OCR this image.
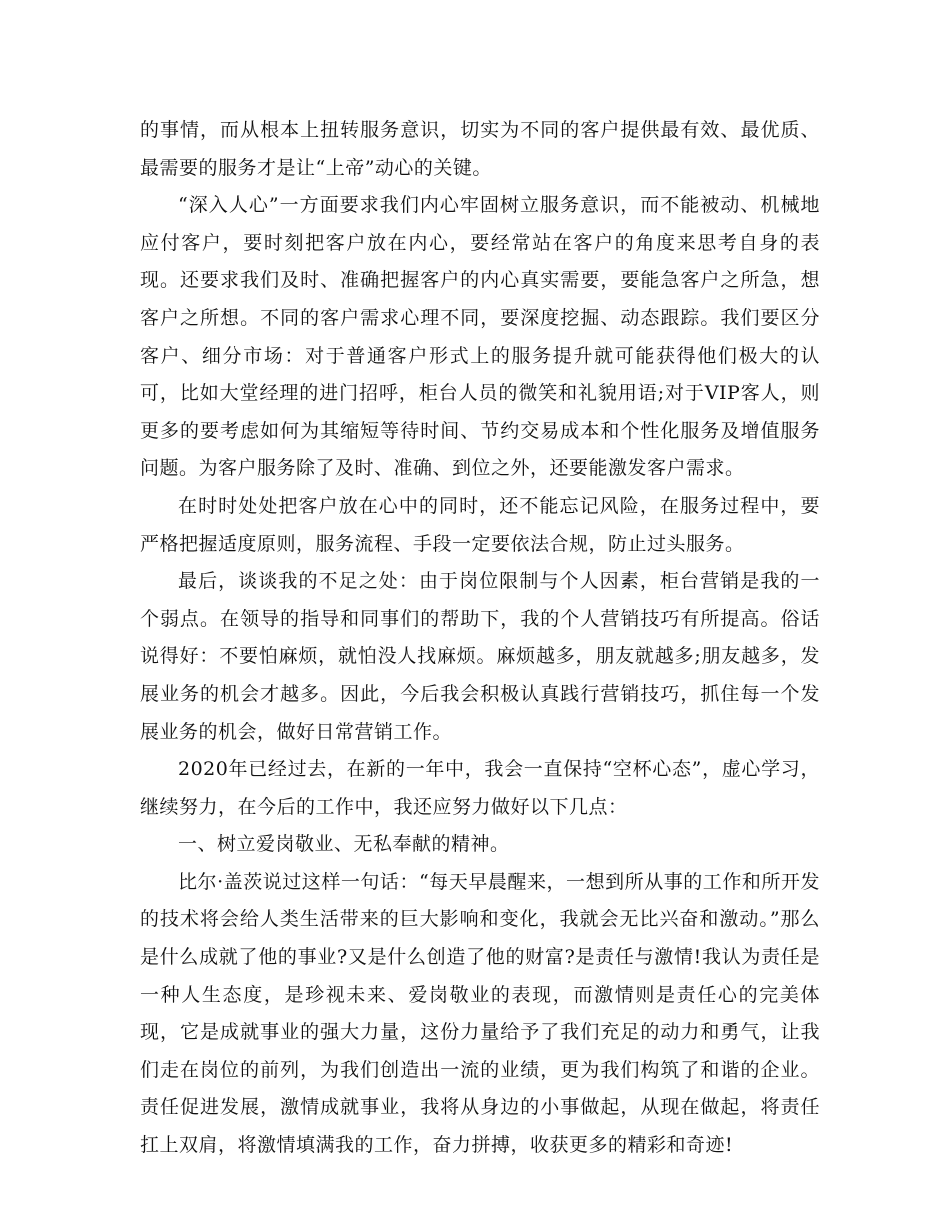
的事情，而从根本上扭转服务意识，切实为不同的客户提供最有效、最优质、最需要的服务才是让“上帝”动心的关键。

“深入人心”一方面要求我们内心牢固树立服务意识，而不能被动、机械地应付客户，要时刻把客户放在内心，要经常站在客户的角度来思考自身的表现。还要求我们及时、准确把握客户的内心真实需要，要能急客户之所急，想客户之所想。不同的客户需求心理不同，要深度挖掘、动态跟踪。我们要区分客户、细分市场：对于普通客户形式上的服务提升就可能获得他们极大的认可，比如大堂经理的进门招呼，柜台人员的微笑和礼貌用语;对于VIP客人，则更多的要考虑如何为其缩短等待时间、节约交易成本和个性化服务及增值服务问题。为客户服务除了及时、准确、到位之外，还要能激发客户需求。

在时时处处把客户放在心中的同时，还不能忘记风险，在服务过程中，要严格把握适度原则，服务流程、手段一定要依法合规，防止过头服务。

最后，谈谈我的不足之处：由于岗位限制与个人因素，柜台营销是我的一个弱点。在领导的指导和同事们的帮助下，我的个人营销技巧有所提高。俗话说得好：不要怕麻烦，就怕没人找麻烦。麻烦越多，朋友就越多;朋友越多，发展业务的机会才越多。因此，今后我会积极认真践行营销技巧，抓住每一个发展业务的机会，做好日常营销工作。

2020年已经过去，在新的一年中，我会一直保持“空杯心态”，虚心学习，继续努力，在今后的工作中，我还应努力做好以下几点：

一、树立爱岗敬业、无私奉献的精神。

比尔·盖茨说过这样一句话：“每天早晨醒来，一想到所从事的工作和所开发的技术将会给人类生活带来的巨大影响和变化，我就会无比兴奋和激动。”那么是什么成就了他的事业?又是什么创造了他的财富?是责任与激情!我认为责任是一种人生态度，是珍视未来、爱岗敬业的表现，而激情则是责任心的完美体现，它是成就事业的强大力量，这份力量给予了我们充足的动力和勇气，让我们走在岗位的前列，为我们创造出一流的业绩，更为我们构筑了和谐的企业。责任促进发展，激情成就事业，我将从身边的小事做起，从现在做起，将责任扛上双肩，将激情填满我的工作，奋力拼搏，收获更多的精彩和奇迹!
